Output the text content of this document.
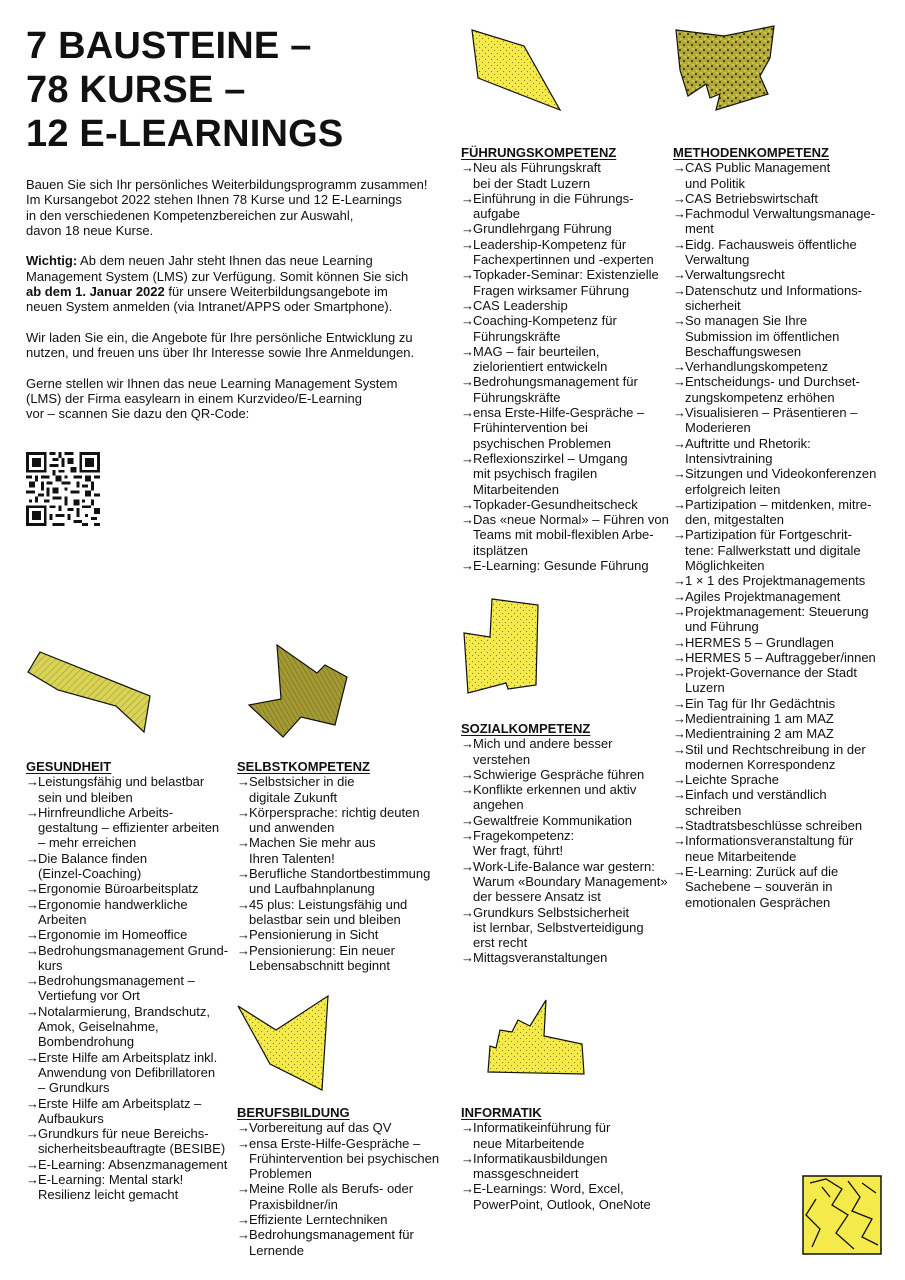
7 BAUSTEINE –
78 KURSE –
12 E-LEARNINGS

Bauen Sie sich Ihr persönliches Weiterbildungsprogramm zusammen!
Im Kursangebot 2022 stehen Ihnen 78 Kurse und 12 E-Learnings
in den verschiedenen Kompetenzbereichen zur Auswahl,
davon 18 neue Kurse.

Wichtig: Ab dem neuen Jahr steht Ihnen das neue Learning
Management System (LMS) zur Verfügung. Somit können Sie sich
ab dem 1. Januar 2022 für unsere Weiterbildungsangebote im
neuen System anmelden (via Intranet/APPS oder Smartphone).

Wir laden Sie ein, die Angebote für Ihre persönliche Entwicklung zu
nutzen, und freuen uns über Ihr Interesse sowie Ihre Anmeldungen.

Gerne stellen wir Ihnen das neue Learning Management System
(LMS) der Firma easylearn in einem Kurzvideo/E-Learning
vor – scannen Sie dazu den QR-Code:

FÜHRUNGSKOMPETENZ
→ Neu als Führungskraft
bei der Stadt Luzern
→ Einführung in die Führungs-
aufgabe
→ Grundlehrgang Führung
→ Leadership-Kompetenz für
Fachexpertinnen und -experten
→ Topkader-Seminar: Existenzielle
Fragen wirksamer Führung
→ CAS Leadership
→ Coaching-Kompetenz für
Führungskräfte
→ MAG – fair beurteilen,
zielorientiert entwickeln
→ Bedrohungsmanagement für
Führungskräfte
→ ensa Erste-Hilfe-Gespräche –
Frühintervention bei
psychischen Problemen
→ Reflexionszirkel – Umgang
mit psychisch fragilen
Mitarbeitenden
→ Topkader-Gesundheitscheck
→ Das «neue Normal» – Führen von
Teams mit mobil-flexiblen Arbe-
itsplätzen
→ E-Learning: Gesunde Führung
METHODENKOMPETENZ
→ CAS Public Management
und Politik
→ CAS Betriebswirtschaft
→ Fachmodul Verwaltungsmanage-
ment
→ Eidg. Fachausweis öffentliche
Verwaltung
→ Verwaltungsrecht
→ Datenschutz und Informations-
sicherheit
→ So managen Sie Ihre
Submission im öffentlichen
Beschaffungswesen
→ Verhandlungskompetenz
→ Entscheidungs- und Durchset-
zungskompetenz erhöhen
→ Visualisieren – Präsentieren –
Moderieren
→ Auftritte und Rhetorik:
Intensivtraining
→ Sitzungen und Videokonferenzen
erfolgreich leiten
→ Partizipation – mitdenken, mitre-
den, mitgestalten
→ Partizipation für Fortgeschrit-
tene: Fallwerkstatt und digitale
Möglichkeiten
→ 1 × 1 des Projektmanagements
→ Agiles Projektmanagement
→ Projektmanagement: Steuerung
und Führung
→ HERMES 5 – Grundlagen
→ HERMES 5 – Auftraggeber/innen
→ Projekt-Governance der Stadt
Luzern
→ Ein Tag für Ihr Gedächtnis
→ Medientraining 1 am MAZ
→ Medientraining 2 am MAZ
→ Stil und Rechtschreibung in der
modernen Korrespondenz
→ Leichte Sprache
→ Einfach und verständlich
schreiben
→ Stadtratsbeschlüsse schreiben
→ Informationsveranstaltung für
neue Mitarbeitende
→ E-Learning: Zurück auf die
Sachebene – souverän in
emotionalen Gesprächen
SOZIALKOMPETENZ
→ Mich und andere besser
verstehen
→ Schwierige Gespräche führen
→ Konflikte erkennen und aktiv
angehen
→ Gewaltfreie Kommunikation
→ Fragekompetenz:
Wer fragt, führt!
→ Work-Life-Balance war gestern:
Warum «Boundary Management»
der bessere Ansatz ist
→ Grundkurs Selbstsicherheit
ist lernbar, Selbstverteidigung
erst recht
→ Mittagsveranstaltungen
GESUNDHEIT
→ Leistungsfähig und belastbar
sein und bleiben
→ Hirnfreundliche Arbeits-
gestaltung – effizienter arbeiten
– mehr erreichen
→ Die Balance finden
(Einzel-Coaching)
→ Ergonomie Büroarbeitsplatz
→ Ergonomie handwerkliche
Arbeiten
→ Ergonomie im Homeoffice
→ Bedrohungsmanagement Grund-
kurs
→ Bedrohungsmanagement –
Vertiefung vor Ort
→ Notalarmierung, Brandschutz,
Amok, Geiselnahme,
Bombendrohung
→ Erste Hilfe am Arbeitsplatz inkl.
Anwendung von Defibrillatoren
– Grundkurs
→ Erste Hilfe am Arbeitsplatz –
Aufbaukurs
→ Grundkurs für neue Bereichs-
sicherheitsbeauftragte (BESIBE)
→ E-Learning: Absenzmanagement
→ E-Learning: Mental stark!
Resilienz leicht gemacht
SELBSTKOMPETENZ
→ Selbstsicher in die
digitale Zukunft
→ Körpersprache: richtig deuten
und anwenden
→ Machen Sie mehr aus
Ihren Talenten!
→ Berufliche Standortbestimmung
und Laufbahnplanung
→ 45 plus: Leistungsfähig und
belastbar sein und bleiben
→ Pensionierung in Sicht
→ Pensionierung: Ein neuer
Lebensabschnitt beginnt
BERUFSBILDUNG
→ Vorbereitung auf das QV
→ ensa Erste-Hilfe-Gespräche –
Frühintervention bei psychischen
Problemen
→ Meine Rolle als Berufs- oder
Praxisbildner/in
→ Effiziente Lerntechniken
→ Bedrohungsmanagement für
Lernende
INFORMATIK
→ Informatikeinführung für
neue Mitarbeitende
→ Informatikausbildungen
massgeschneidert
→ E-Learnings: Word, Excel,
PowerPoint, Outlook, OneNote
